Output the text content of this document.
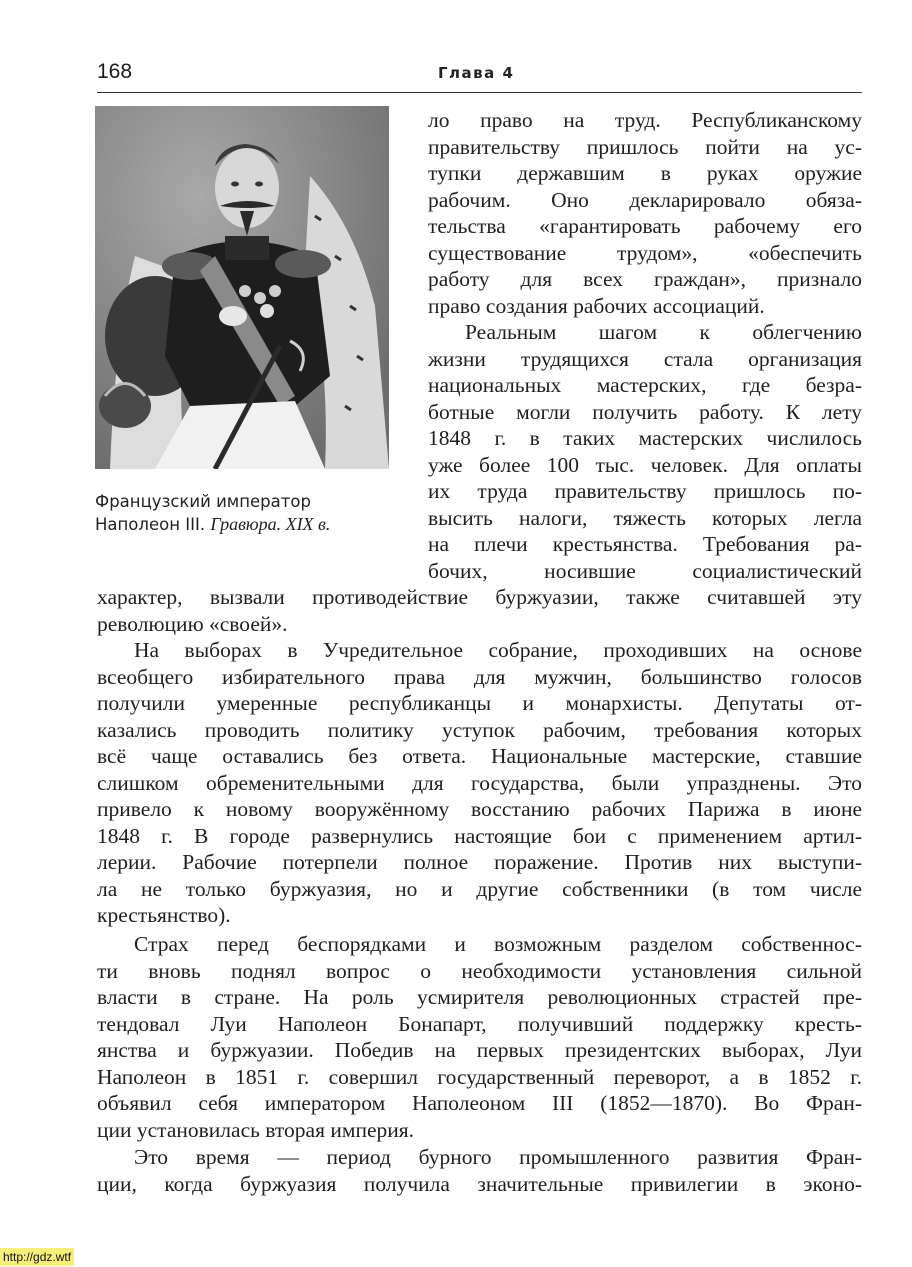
168	Глава 4
Французский император
Наполеон III. Гравюра. XIX в.
ло право на труд. Республиканскому
правительству пришлось пойти на ус-
тупки державшим в руках оружие
рабочим. Оно декларировало обяза-
тельства «гарантировать рабочему его
существование трудом», «обеспечить
работу для всех граждан», признало
право создания рабочих ассоциаций.
Реальным шагом к облегчению
жизни трудящихся стала организация
национальных мастерских, где безра-
ботные могли получить работу. К лету
1848 г. в таких мастерских числилось
уже более 100 тыс. человек. Для оплаты
их труда правительству пришлось по-
высить налоги, тяжесть которых легла
на плечи крестьянства. Требования ра-
бочих, носившие социалистический
характер, вызвали противодействие буржуазии, также считавшей эту
революцию «своей».
На выборах в Учредительное собрание, проходивших на основе
всеобщего избирательного права для мужчин, большинство голосов
получили умеренные республиканцы и монархисты. Депутаты от-
казались проводить политику уступок рабочим, требования которых
всё чаще оставались без ответа. Национальные мастерские, ставшие
слишком обременительными для государства, были упразднены. Это
привело к новому вооружённому восстанию рабочих Парижа в июне
1848 г. В городе развернулись настоящие бои с применением артил-
лерии. Рабочие потерпели полное поражение. Против них выступи-
ла не только буржуазия, но и другие собственники (в том числе
крестьянство).
Страх перед беспорядками и возможным разделом собственнос-
ти вновь поднял вопрос о необходимости установления сильной
власти в стране. На роль усмирителя революционных страстей пре-
тендовал Луи Наполеон Бонапарт, получивший поддержку кресть-
янства и буржуазии. Победив на первых президентских выборах, Луи
Наполеон в 1851 г. совершил государственный переворот, а в 1852 г.
объявил себя императором Наполеоном III (1852—1870). Во Фран-
ции установилась вторая империя.
Это время — период бурного промышленного развития Фран-
ции, когда буржуазия получила значительные привилегии в эконо-
http://gdz.wtf
